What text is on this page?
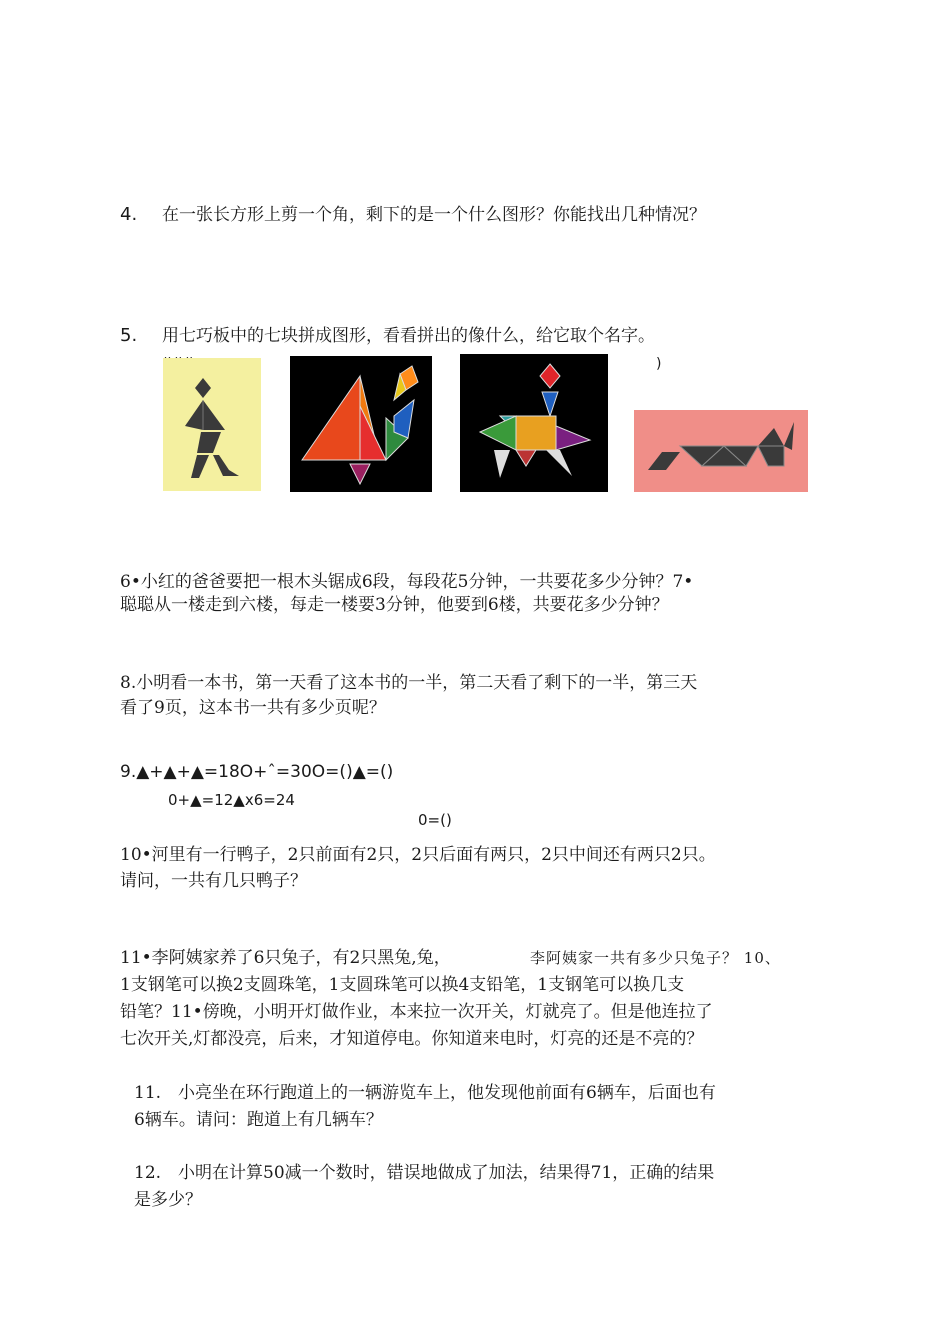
4. 在一张长方形上剪一个角，剩下的是一个什么图形？你能找出几种情况？
5. 用七巧板中的七块拼成图形，看看拼出的像什么，给它取个名字。
)
6•小红的爸爸要把一根木头锯成6段，每段花5分钟，一共要花多少分钟？7•
聪聪从一楼走到六楼，每走一楼要3分钟，他要到6楼，共要花多少分钟？
8.小明看一本书，第一天看了这本书的一半，第二天看了剩下的一半，第三天
看了9页，这本书一共有多少页呢？
9.▲+▲+▲=18O+ˆ=30O=()▲=()
0+▲=12▲x6=24
0=()
10•河里有一行鸭子，2只前面有2只，2只后面有两只，2只中间还有两只2只。
请问，一共有几只鸭子？
11•李阿姨家养了6只兔子，有2只黑兔,兔，	李阿姨家一共有多少只兔子？ 10、
1支钢笔可以换2支圆珠笔，1支圆珠笔可以换4支铅笔，1支钢笔可以换几支
铅笔？11•傍晚，小明开灯做作业，本来拉一次开关，灯就亮了。但是他连拉了
七次开关,灯都没亮，后来，才知道停电。你知道来电时，灯亮的还是不亮的？
11. 小亮坐在环行跑道上的一辆游览车上，他发现他前面有6辆车，后面也有
6辆车。请问：跑道上有几辆车？
12. 小明在计算50减一个数时，错误地做成了加法，结果得71，正确的结果
是多少？
